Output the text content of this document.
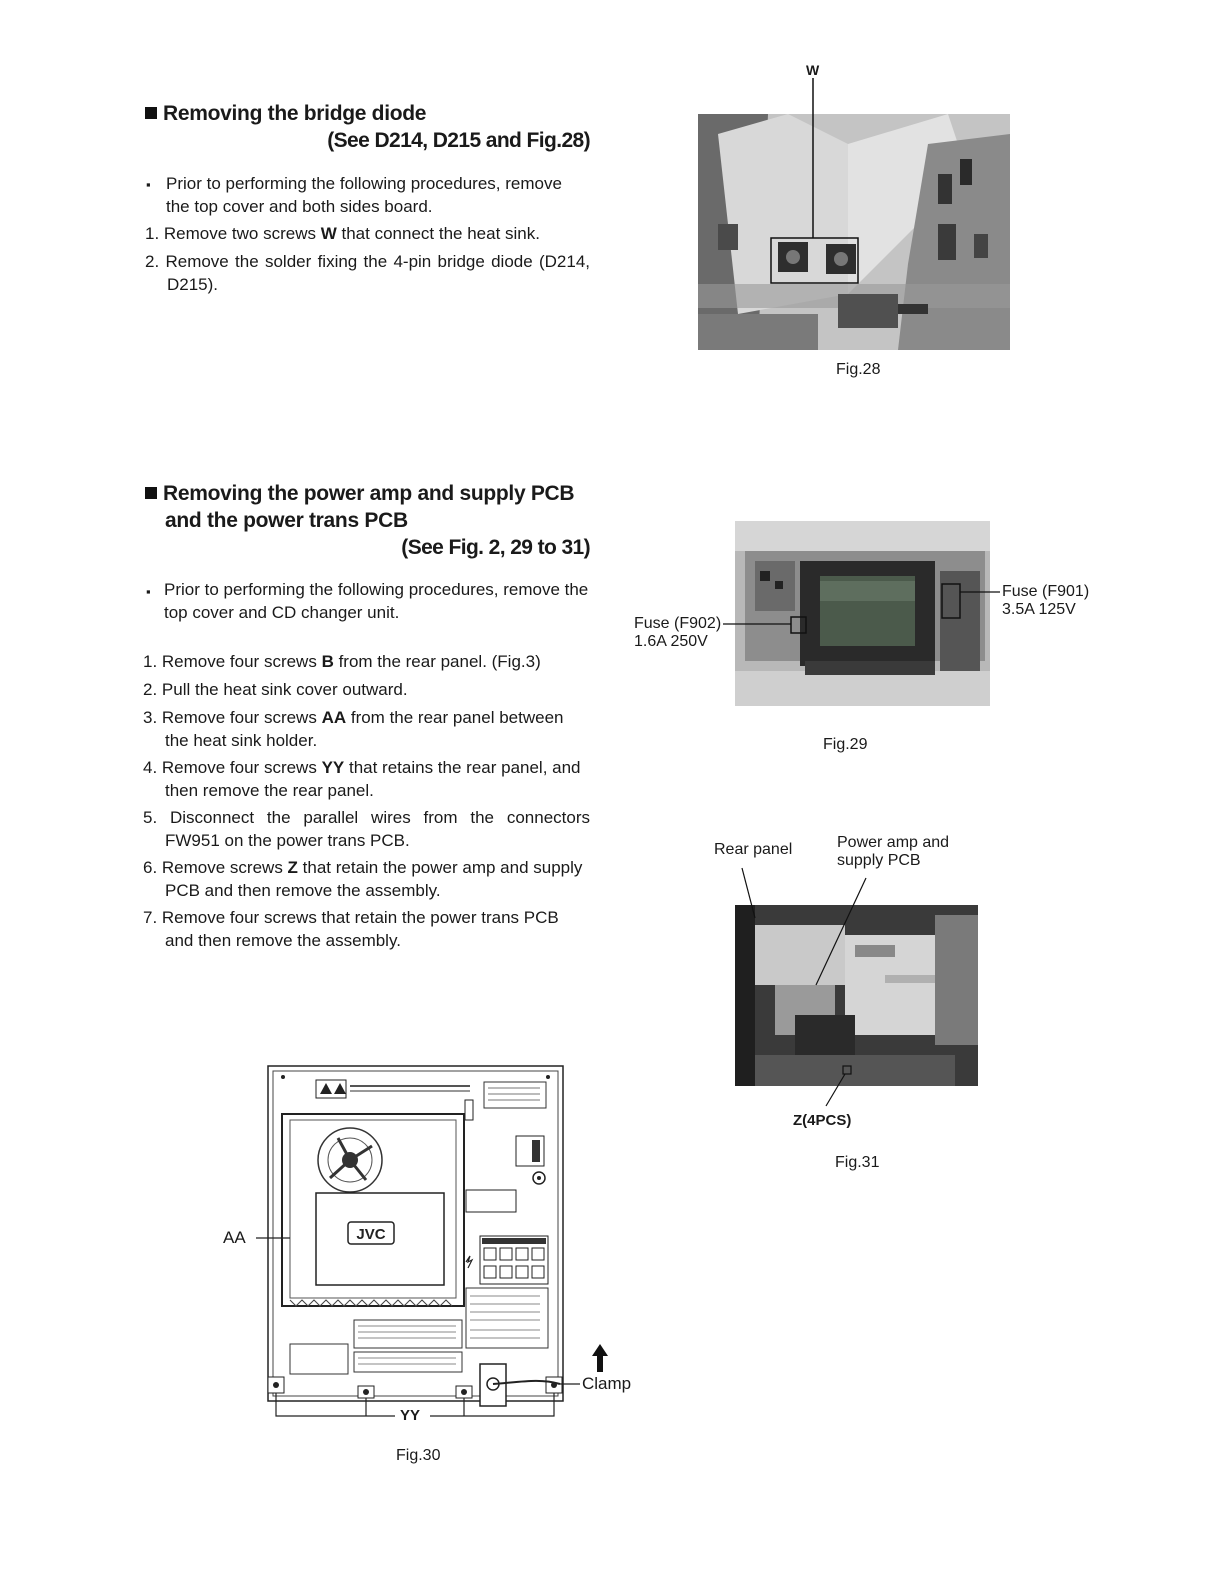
Removing the bridge diode
(See D214, D215 and Fig.28)
▪ Prior to performing the following procedures, remove the top cover and both sides board.
1. Remove two screws W that connect the heat sink.
2. Remove the solder fixing the 4-pin bridge diode (D214, D215).
Removing the power amp and supply PCB
and the power trans PCB
(See Fig. 2, 29 to 31)
▪ Prior to performing the following procedures, remove the top cover and CD changer unit.
1. Remove four screws B from the rear panel. (Fig.3)
2. Pull the heat sink cover outward.
3. Remove four screws AA from the rear panel between the heat sink holder.
4. Remove four screws YY that retains the rear panel, and then remove the rear panel.
5. Disconnect the parallel wires from the connectors FW951 on the power trans PCB.
6. Remove screws Z that retain the power amp and supply PCB and then remove the assembly.
7. Remove four screws that retain the power trans PCB and then remove the assembly.
W
Fig.28
Fuse (F901)
3.5A 125V
Fuse (F902)
1.6A 250V
Fig.29
Rear panel	Power amp and
supply PCB
Z(4PCS)
Fig.31
JVC
AA
YY
Clamp
Fig.30
